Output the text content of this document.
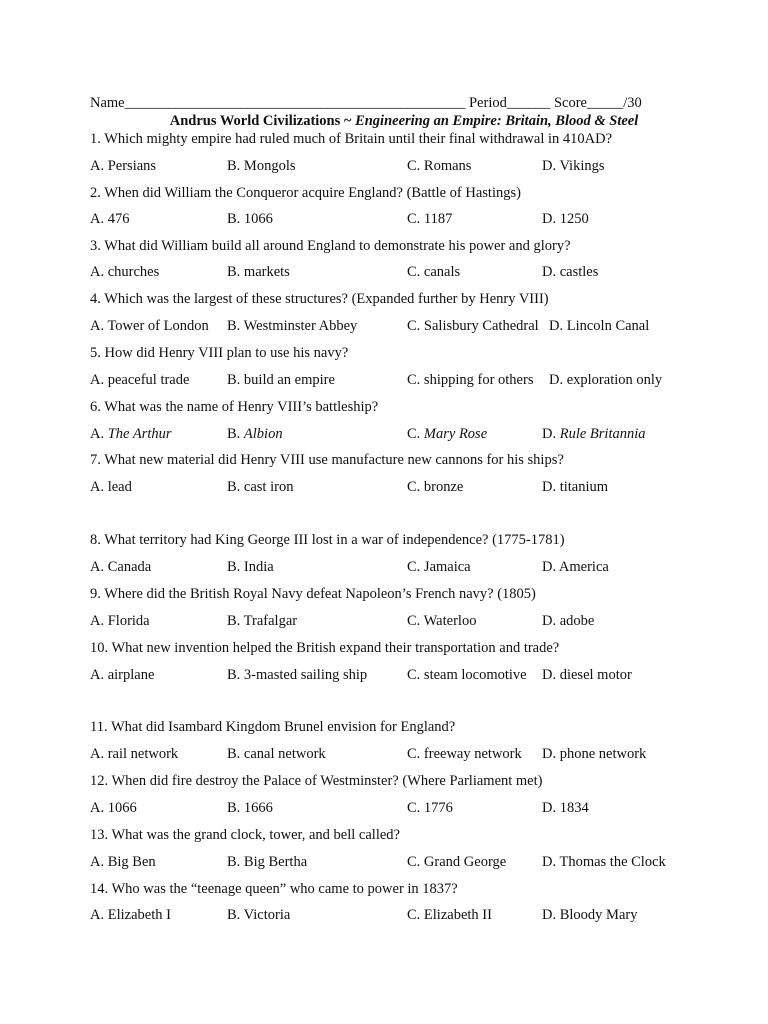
Name_______________________________________________ Period______ Score_____/30
Andrus World Civilizations ~ Engineering an Empire: Britain, Blood & Steel
1. Which mighty empire had ruled much of Britain until their final withdrawal in 410AD?
A. Persians	B. Mongols	C. Romans	D. Vikings
2. When did William the Conqueror acquire England? (Battle of Hastings)
A. 476	B. 1066	C. 1187	D. 1250
3. What did William build all around England to demonstrate his power and glory?
A. churches	B. markets	C. canals	D. castles
4. Which was the largest of these structures? (Expanded further by Henry VIII)
A. Tower of London B. Westminster Abbey	C. Salisbury Cathedral D. Lincoln Canal
5. How did Henry VIII plan to use his navy?
A. peaceful trade	B. build an empire	C. shipping for others D. exploration only
6. What was the name of Henry VIII’s battleship?
A. The Arthur	B. Albion	C. Mary Rose	D. Rule Britannia
7. What new material did Henry VIII use manufacture new cannons for his ships?
A. lead	B. cast iron	C. bronze	D. titanium
8. What territory had King George III lost in a war of independence? (1775-1781)
A. Canada	B. India	C. Jamaica	D. America
9. Where did the British Royal Navy defeat Napoleon’s French navy? (1805)
A. Florida	B. Trafalgar	C. Waterloo	D. adobe
10. What new invention helped the British expand their transportation and trade?
A. airplane	B. 3-masted sailing ship	C. steam locomotive D. diesel motor
11. What did Isambard Kingdom Brunel envision for England?
A. rail network	B. canal network	C. freeway network D. phone network
12. When did fire destroy the Palace of Westminster? (Where Parliament met)
A. 1066	B. 1666	C. 1776	D. 1834
13. What was the grand clock, tower, and bell called?
A. Big Ben	B. Big Bertha	C. Grand George D. Thomas the Clock
14. Who was the “teenage queen” who came to power in 1837?
A. Elizabeth I	B. Victoria	C. Elizabeth II	D. Bloody Mary
